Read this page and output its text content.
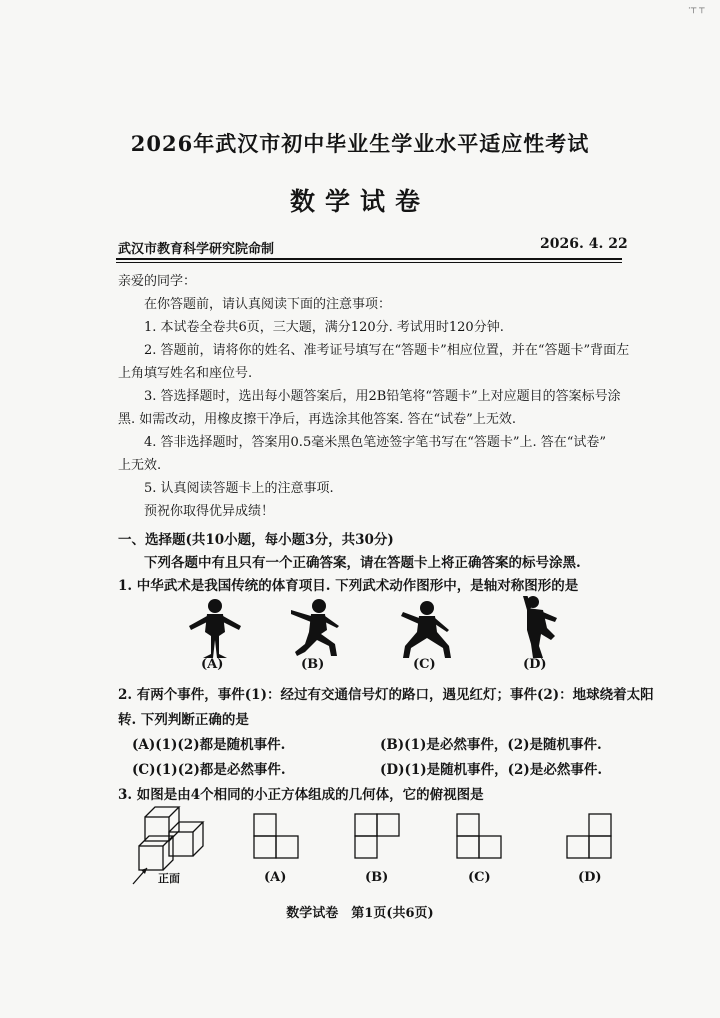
·┬ ┬
2026年武汉市初中毕业生学业水平适应性考试
数学试卷
武汉市教育科学研究院命制	2026. 4. 22
亲爱的同学：
在你答题前，请认真阅读下面的注意事项：
1. 本试卷全卷共6页，三大题，满分120分. 考试用时120分钟.
2. 答题前，请将你的姓名、准考证号填写在“答题卡”相应位置，并在“答题卡”背面左
上角填写姓名和座位号.
3. 答选择题时，选出每小题答案后，用2B铅笔将“答题卡”上对应题目的答案标号涂
黑. 如需改动，用橡皮擦干净后，再选涂其他答案. 答在“试卷”上无效.
4. 答非选择题时，答案用0.5毫米黑色笔迹签字笔书写在“答题卡”上. 答在“试卷”
上无效.
5. 认真阅读答题卡上的注意事项.
预祝你取得优异成绩！
一、选择题(共10小题，每小题3分，共30分)
下列各题中有且只有一个正确答案，请在答题卡上将正确答案的标号涂黑.
1. 中华武术是我国传统的体育项目. 下列武术动作图形中，是轴对称图形的是
(A)	(B)	(C)	(D)
2. 有两个事件，事件(1)：经过有交通信号灯的路口，遇见红灯；事件(2)：地球绕着太阳
转. 下列判断正确的是
(A)(1)(2)都是随机事件.	(B)(1)是必然事件，(2)是随机事件.
(C)(1)(2)都是必然事件.	(D)(1)是随机事件，(2)是必然事件.
3. 如图是由4个相同的小正方体组成的几何体，它的俯视图是
正面	(A)	(B)	(C)	(D)
数学试卷　第1页(共6页)
